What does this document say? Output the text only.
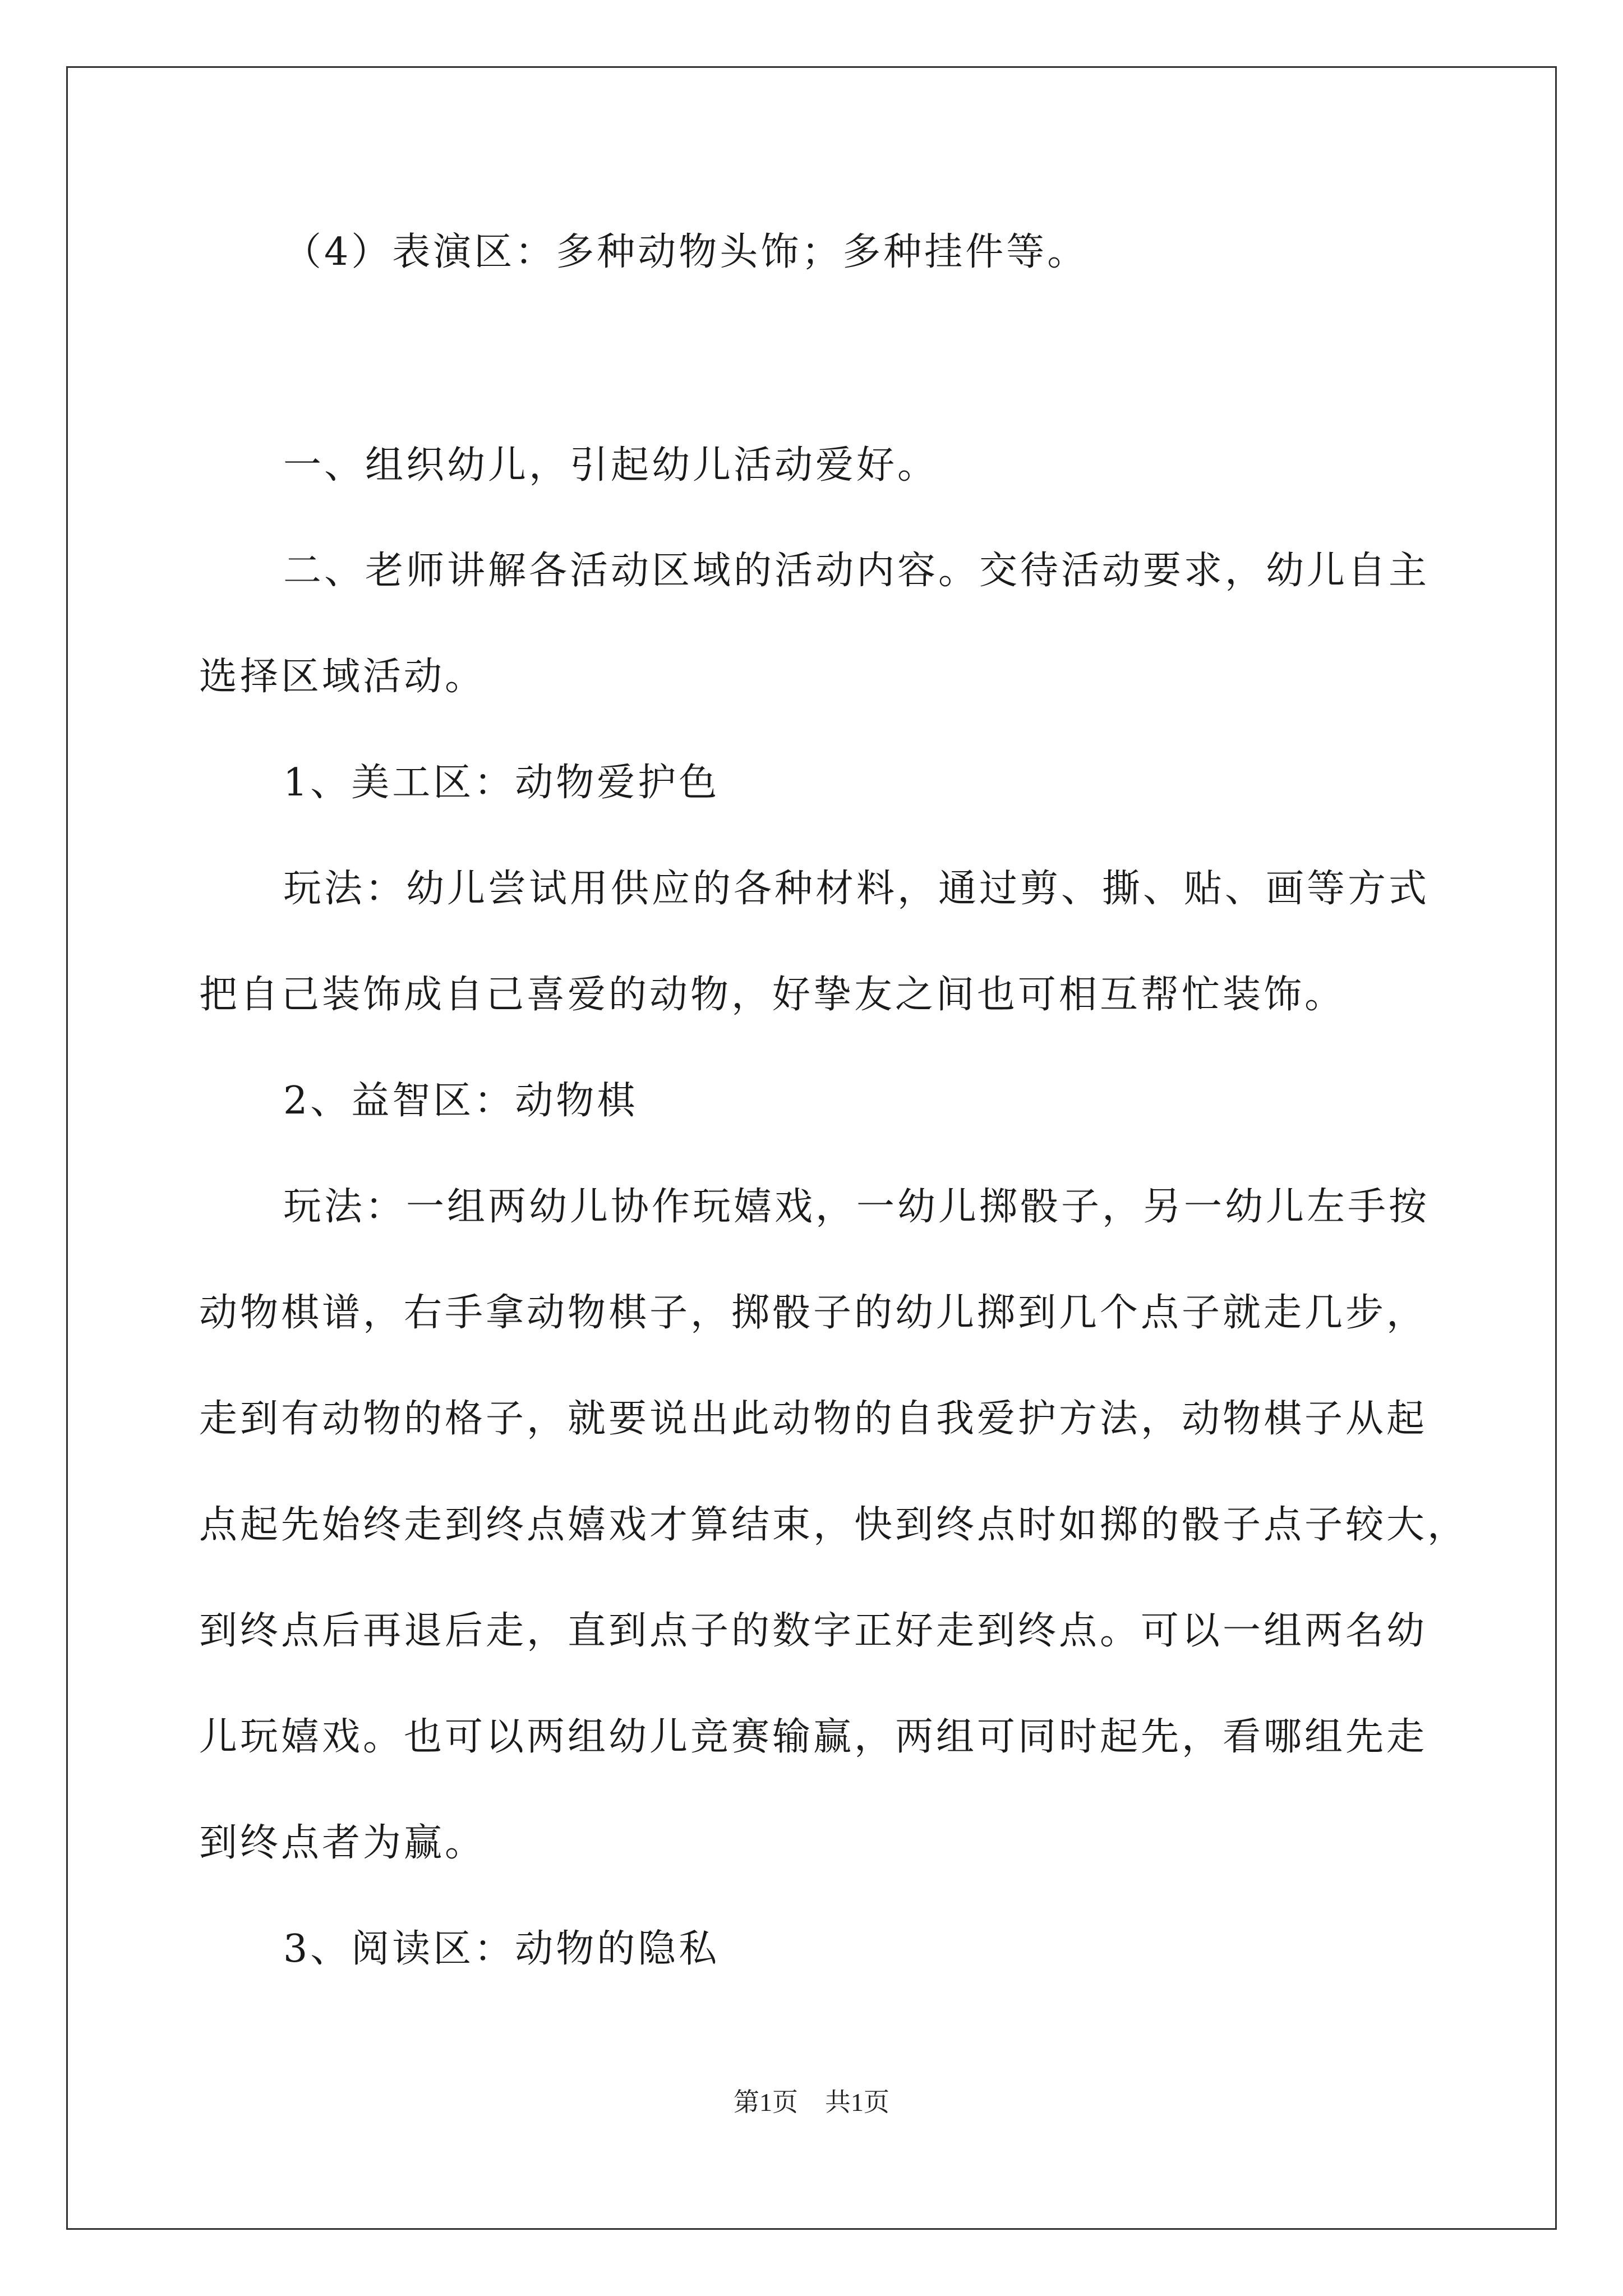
（4）表演区：多种动物头饰；多种挂件等。
一、组织幼儿，引起幼儿活动爱好。
二、老师讲解各活动区域的活动内容。交待活动要求，幼儿自主
选择区域活动。
1、美工区：动物爱护色
玩法：幼儿尝试用供应的各种材料，通过剪、撕、贴、画等方式
把自己装饰成自己喜爱的动物，好挚友之间也可相互帮忙装饰。
2、益智区：动物棋
玩法：一组两幼儿协作玩嬉戏，一幼儿掷骰子，另一幼儿左手按
动物棋谱，右手拿动物棋子，掷骰子的幼儿掷到几个点子就走几步，
走到有动物的格子，就要说出此动物的自我爱护方法，动物棋子从起
点起先始终走到终点嬉戏才算结束，快到终点时如掷的骰子点子较大，
到终点后再退后走，直到点子的数字正好走到终点。可以一组两名幼
儿玩嬉戏。也可以两组幼儿竞赛输赢，两组可同时起先，看哪组先走
到终点者为赢。
3、阅读区：动物的隐私
第1页 共1页
